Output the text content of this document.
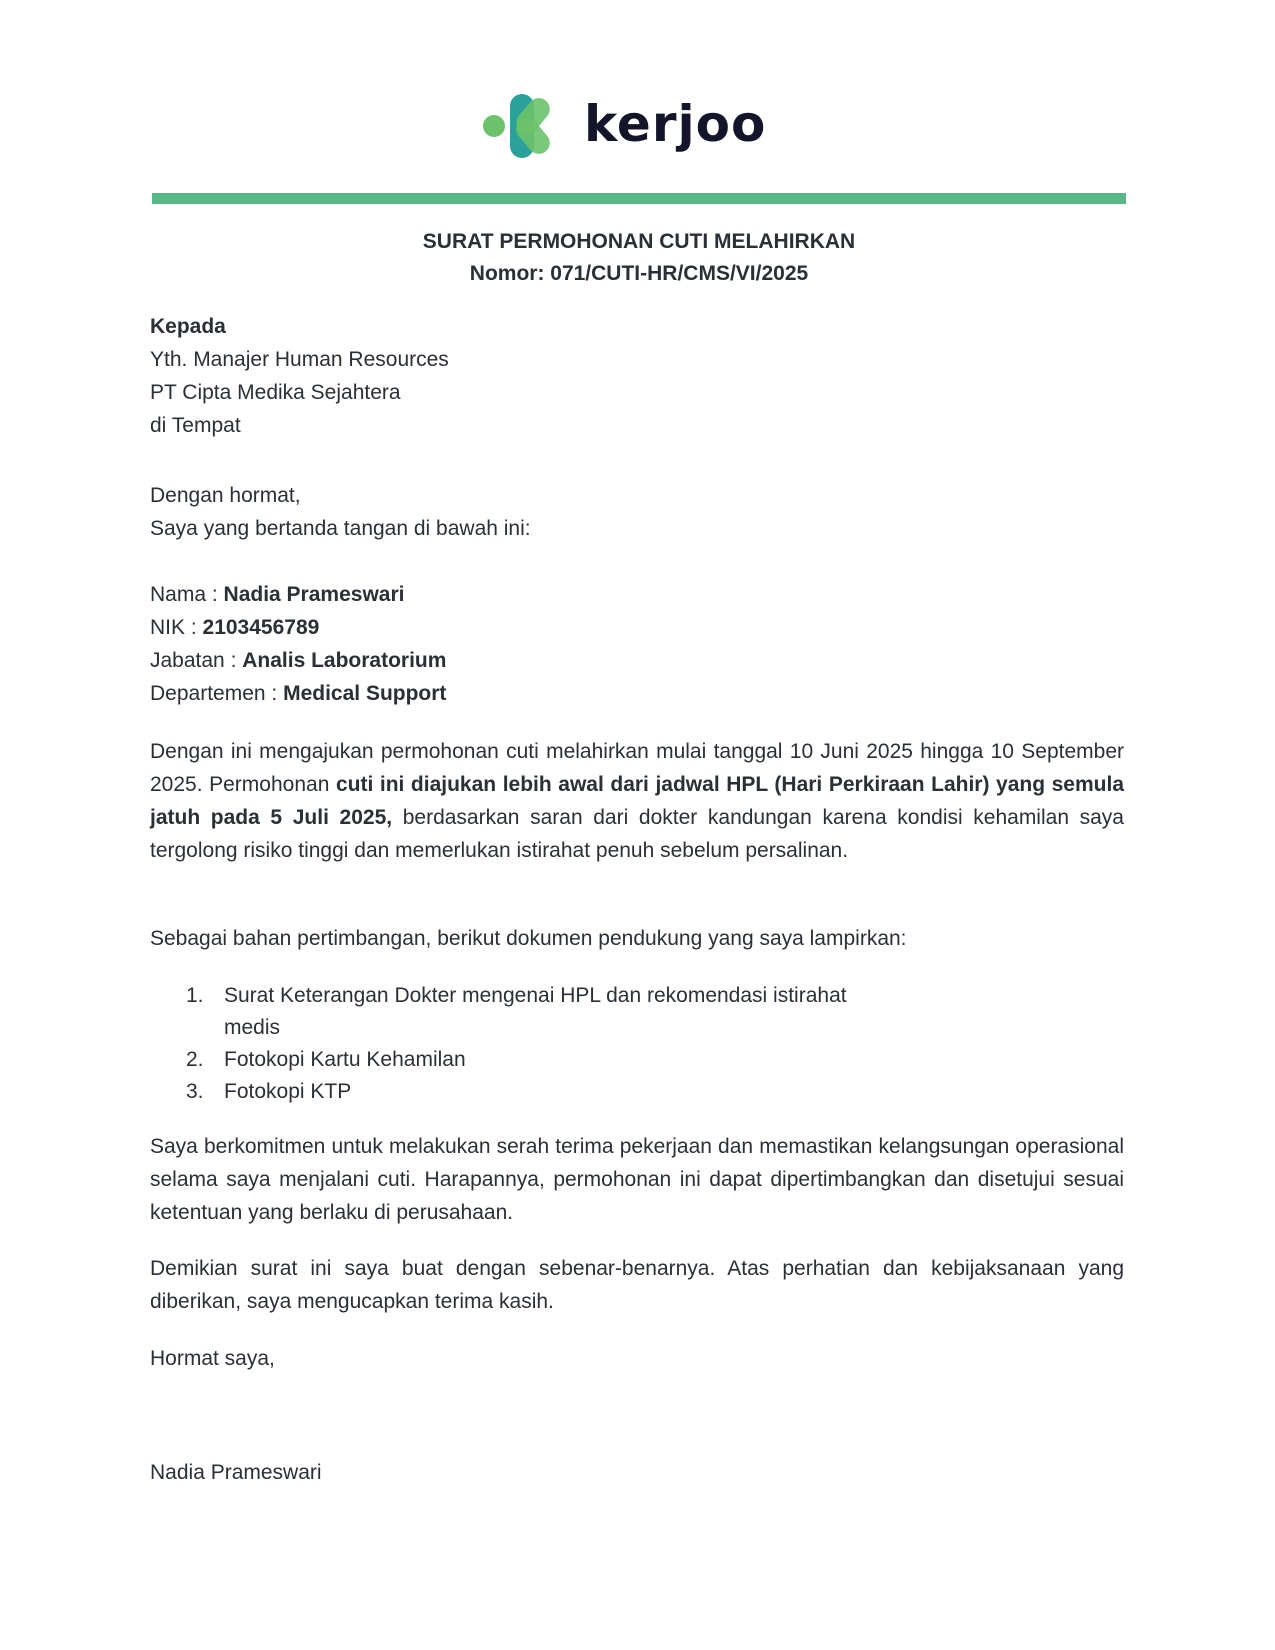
kerjoo
SURAT PERMOHONAN CUTI MELAHIRKAN
Nomor: 071/CUTI-HR/CMS/VI/2025
Kepada
Yth. Manajer Human Resources
PT Cipta Medika Sejahtera
di Tempat
Dengan hormat,
Saya yang bertanda tangan di bawah ini:
Nama : Nadia Prameswari
NIK : 2103456789
Jabatan : Analis Laboratorium
Departemen : Medical Support
Dengan ini mengajukan permohonan cuti melahirkan mulai tanggal 10 Juni 2025 hingga 10 September 2025. Permohonan cuti ini diajukan lebih awal dari jadwal HPL (Hari Perkiraan Lahir) yang semula jatuh pada 5 Juli 2025, berdasarkan saran dari dokter kandungan karena kondisi kehamilan saya tergolong risiko tinggi dan memerlukan istirahat penuh sebelum persalinan.
Sebagai bahan pertimbangan, berikut dokumen pendukung yang saya lampirkan:
1. Surat Keterangan Dokter mengenai HPL dan rekomendasi istirahat medis
2. Fotokopi Kartu Kehamilan
3. Fotokopi KTP
Saya berkomitmen untuk melakukan serah terima pekerjaan dan memastikan kelangsungan operasional selama saya menjalani cuti. Harapannya, permohonan ini dapat dipertimbangkan dan disetujui sesuai ketentuan yang berlaku di perusahaan.
Demikian surat ini saya buat dengan sebenar-benarnya. Atas perhatian dan kebijaksanaan yang diberikan, saya mengucapkan terima kasih.
Hormat saya,
Nadia Prameswari
